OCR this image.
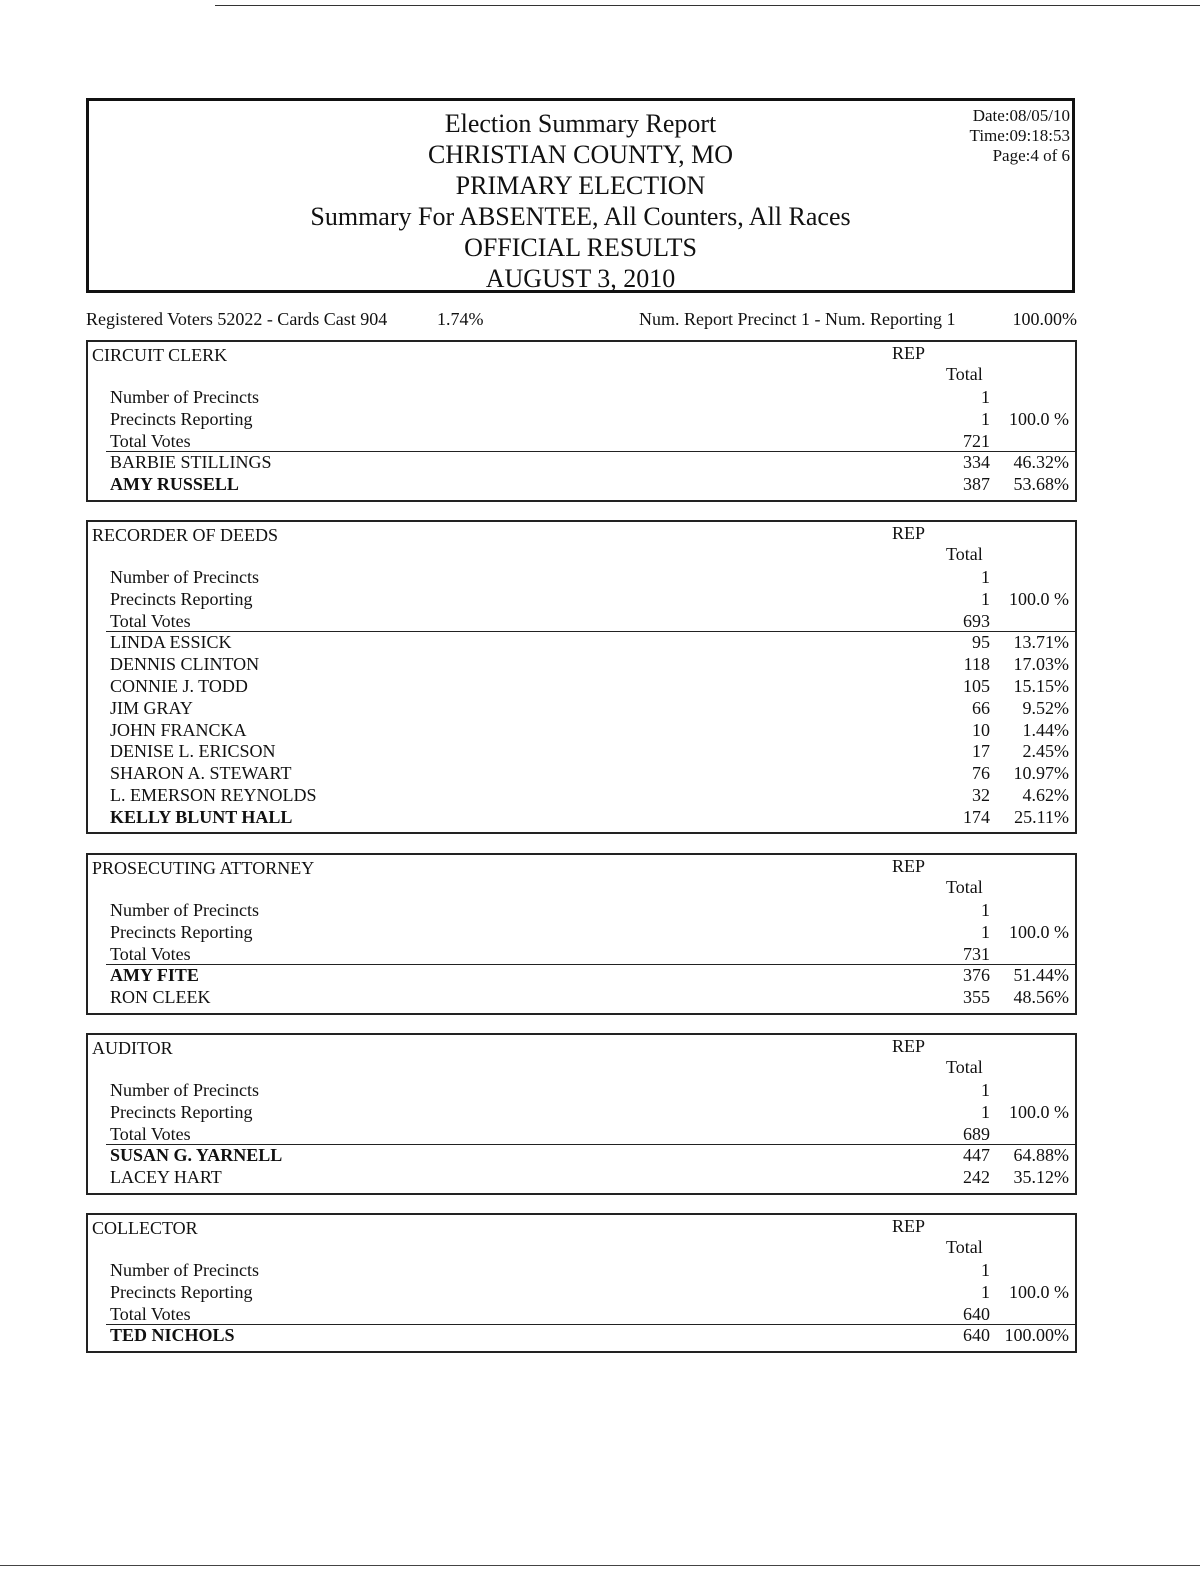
Election Summary Report
CHRISTIAN COUNTY, MO
PRIMARY ELECTION
Summary For ABSENTEE, All Counters, All Races
OFFICIAL RESULTS
AUGUST 3, 2010
Date:08/05/10
Time:09:18:53
Page:4 of 6
Registered Voters 52022 - Cards Cast 904	1.74%	Num. Report Precinct 1 - Num. Reporting 1	100.00%
CIRCUIT CLERK	REP
Total
Number of Precincts	1
Precincts Reporting	1 100.0 %
Total Votes	721
BARBIE STILLINGS	334 46.32%
AMY RUSSELL	387 53.68%
RECORDER OF DEEDS	REP
Total
Number of Precincts	1
Precincts Reporting	1 100.0 %
Total Votes	693
LINDA ESSICK	95 13.71%
DENNIS CLINTON	118 17.03%
CONNIE J. TODD	105 15.15%
JIM GRAY	66 9.52%
JOHN FRANCKA	10 1.44%
DENISE L. ERICSON	17 2.45%
SHARON A. STEWART	76 10.97%
L. EMERSON REYNOLDS	32 4.62%
KELLY BLUNT HALL	174 25.11%
PROSECUTING ATTORNEY	REP
Total
Number of Precincts	1
Precincts Reporting	1 100.0 %
Total Votes	731
AMY FITE	376 51.44%
RON CLEEK	355 48.56%
AUDITOR	REP
Total
Number of Precincts	1
Precincts Reporting	1 100.0 %
Total Votes	689
SUSAN G. YARNELL	447 64.88%
LACEY HART	242 35.12%
COLLECTOR	REP
Total
Number of Precincts	1
Precincts Reporting	1 100.0 %
Total Votes	640
TED NICHOLS	640 100.00%
